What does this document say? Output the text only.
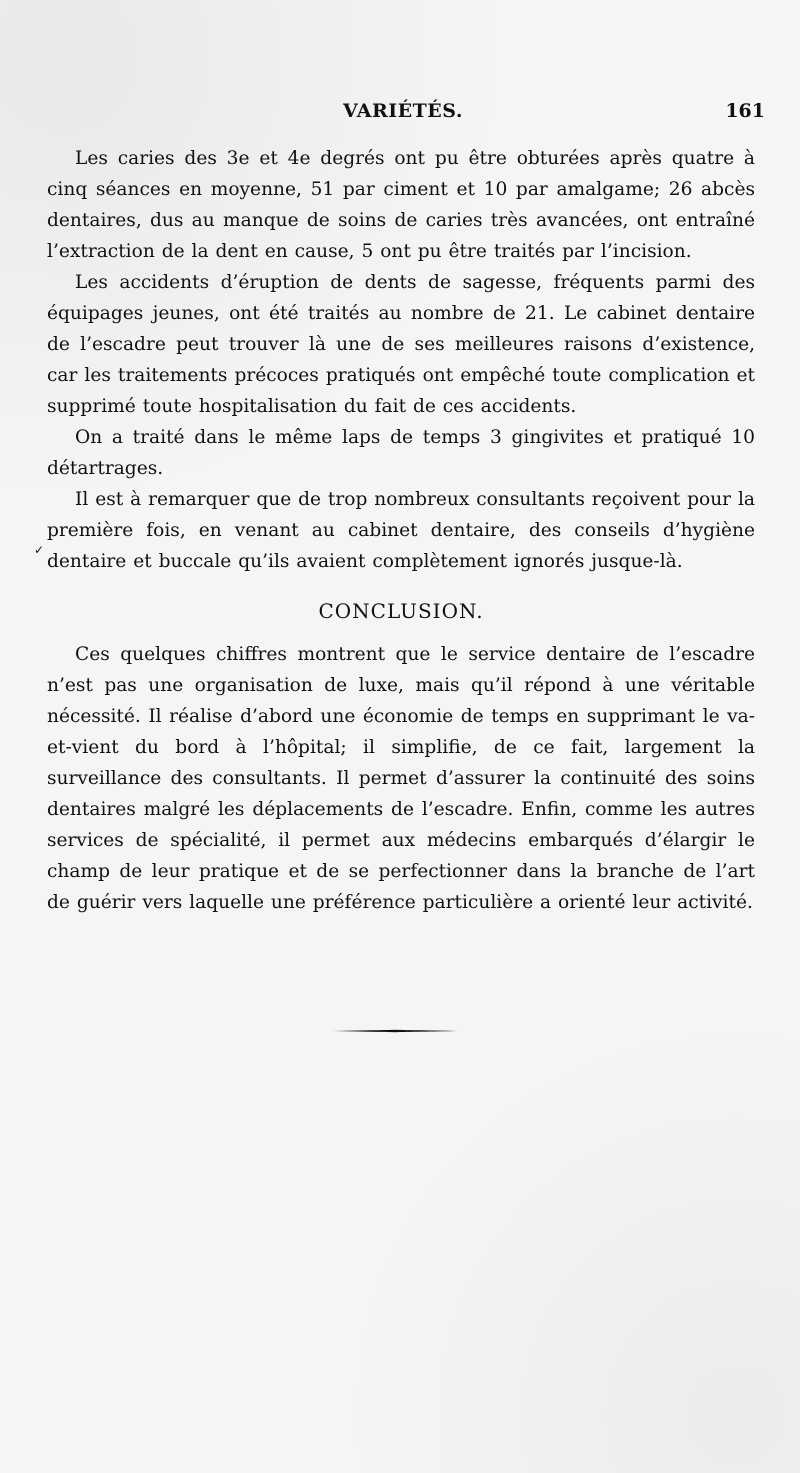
VARIÉTÉS.	161
✓

Les caries des 3e et 4e degrés ont pu être obturées après quatre à cinq séances en moyenne, 51 par ciment et 10 par amalgame; 26 abcès dentaires, dus au manque de soins de caries très avancées, ont entraîné l’extraction de la dent en cause, 5 ont pu être traités par l’incision.

Les accidents d’éruption de dents de sagesse, fréquents parmi des équipages jeunes, ont été traités au nombre de 21. Le cabinet dentaire de l’escadre peut trouver là une de ses meilleures raisons d’existence, car les traitements précoces pratiqués ont empêché toute complication et supprimé toute hospitalisation du fait de ces accidents.

On a traité dans le même laps de temps 3 gingivites et pratiqué 10 détartrages.

Il est à remarquer que de trop nombreux consultants reçoivent pour la première fois, en venant au cabinet dentaire, des conseils d’hygiène dentaire et buccale qu’ils avaient complètement ignorés jusque-là.

CONCLUSION.

Ces quelques chiffres montrent que le service dentaire de l’escadre n’est pas une organisation de luxe, mais qu’il répond à une véritable nécessité. Il réalise d’abord une économie de temps en supprimant le va-et-vient du bord à l’hôpital; il simplifie, de ce fait, largement la surveillance des consultants. Il permet d’assurer la continuité des soins dentaires malgré les déplacements de l’escadre. Enfin, comme les autres services de spécialité, il permet aux médecins embarqués d’élargir le champ de leur pratique et de se perfectionner dans la branche de l’art de guérir vers laquelle une préférence particulière a orienté leur activité.
